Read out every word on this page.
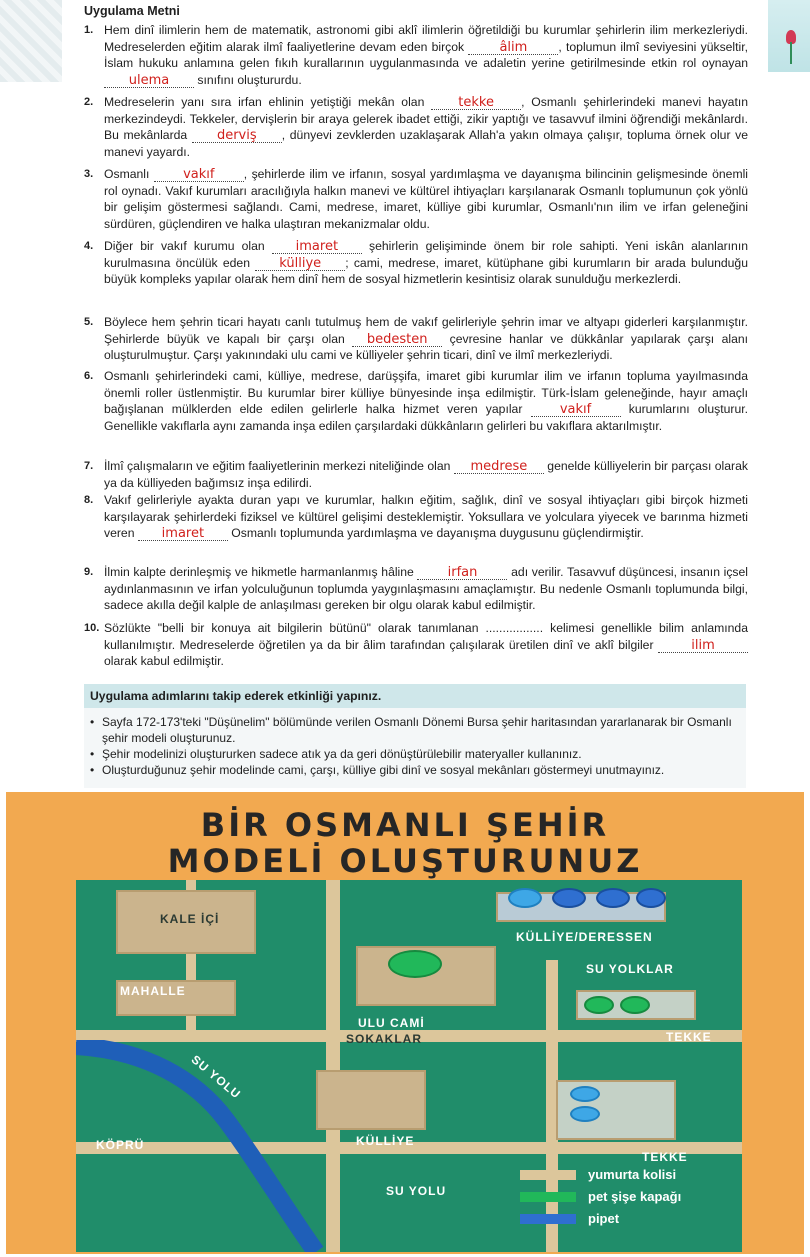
Uygulama Metni
1. Hem dinî ilimlerin hem de matematik, astronomi gibi aklî ilimlerin öğretildiği bu kurumlar şehirlerin ilim merkezleriydi. Medreselerden eğitim alarak ilmî faaliyetlerine devam eden birçok âlim	, toplumun ilmî seviyesini yükseltir, İslam hukuku anlamına gelen fıkıh kurallarının uygulanmasında ve adaletin yerine getirilmesinde etkin rol oynayan ulema sınıfını oluştururdu.
2. Medreselerin yanı sıra irfan ehlinin yetiştiği mekân olan tekke , Osmanlı şehirlerindeki manevi hayatın merkezindeydi. Tekkeler, dervişlerin bir araya gelerek ibadet ettiği, zikir yaptığı ve tasavvuf ilmini öğrendiği mekânlardı. Bu mekânlarda derviş , dünyevi zevklerden uzaklaşarak Allah'a yakın olmaya çalışır, topluma örnek olur ve manevi yayardı.
3. Osmanlı vakıf , şehirlerde ilim ve irfanın, sosyal yardımlaşma ve dayanışma bilincinin gelişmesinde önemli rol oynadı. Vakıf kurumları aracılığıyla halkın manevi ve kültürel ihtiyaçları karşılanarak Osmanlı toplumunun çok yönlü bir gelişim göstermesi sağlandı. Cami, medrese, imaret, külliye gibi kurumlar, Osmanlı'nın ilim ve irfan geleneğini sürdüren, güçlendiren ve halka ulaştıran mekanizmalar oldu.
4. Diğer bir vakıf kurumu olan imaret şehirlerin gelişiminde önem bir role sahipti. Yeni iskân alanlarının kurulmasına öncülük eden külliye ; cami, medrese, imaret, kütüphane gibi kurumların bir arada bulunduğu büyük kompleks yapılar olarak hem dinî hem de sosyal hizmetlerin kesintisiz olarak sunulduğu merkezlerdi.
5. Böylece hem şehrin ticari hayatı canlı tutulmuş hem de vakıf gelirleriyle şehrin imar ve altyapı giderleri karşılanmıştır. Şehirlerde büyük ve kapalı bir çarşı olan bedesten çevresine hanlar ve dükkânlar yapılarak çarşı alanı oluşturulmuştur. Çarşı yakınındaki ulu cami ve külliyeler şehrin ticari, dinî ve ilmî merkezleriydi.
6. Osmanlı şehirlerindeki cami, külliye, medrese, darüşşifa, imaret gibi kurumlar ilim ve irfanın topluma yayılmasında önemli roller üstlenmiştir. Bu kurumlar birer külliye bünyesinde inşa edilmiştir. Türk-İslam geleneğinde, hayır amaçlı bağışlanan mülklerden elde edilen gelirlerle halka hizmet veren yapılar vakıf kurumlarını oluşturur. Genellikle vakıflarla aynı zamanda inşa edilen çarşılardaki dükkânların gelirleri bu vakıflara aktarılmıştır.
7. İlmî çalışmaların ve eğitim faaliyetlerinin merkezi niteliğinde olan medrese genelde külliyelerin bir parçası olarak ya da külliyeden bağımsız inşa edilirdi.
8. Vakıf gelirleriyle ayakta duran yapı ve kurumlar, halkın eğitim, sağlık, dinî ve sosyal ihtiyaçları gibi birçok hizmeti karşılayarak şehirlerdeki fiziksel ve kültürel gelişimi desteklemiştir. Yoksullara ve yolculara yiyecek ve barınma hizmeti veren imaret Osmanlı toplumunda yardımlaşma ve dayanışma duygusunu güçlendirmiştir.
9. İlmin kalpte derinleşmiş ve hikmetle harmanlanmış hâline irfan adı verilir. Tasavvuf düşüncesi, insanın içsel aydınlanmasının ve irfan yolculuğunun toplumda yaygınlaşmasını amaçlamıştır. Bu nedenle Osmanlı toplumunda bilgi, sadece akılla değil kalple de anlaşılması gereken bir olgu olarak kabul edilmiştir.
10. Sözlükte "belli bir konuya ait bilgilerin bütünü" olarak tanımlanan ................. kelimesi genellikle bilim anlamında kullanılmıştır. Medreselerde öğretilen ya da bir âlim tarafından çalışılarak üretilen dinî ve aklî bilgiler	ilim olarak kabul edilmiştir.
Uygulama adımlarını takip ederek etkinliği yapınız.
• Sayfa 172-173'teki "Düşünelim" bölümünde verilen Osmanlı Dönemi Bursa şehir haritasından yararlanarak bir Osmanlı şehir modeli oluşturunuz.
• Şehir modelinizi oluştururken sadece atık ya da geri dönüştürülebilir materyaller kullanınız.
• Oluşturduğunuz şehir modelinde cami, çarşı, külliye gibi dinî ve sosyal mekânları göstermeyi unutmayınız.
BİR OSMANLI ŞEHİR
MODELİ OLUŞTURUNUZ
KALE İÇİ
KÜLLİYE/DERESSEN
SU YOLKLAR
MAHALLE
ULU CAMİ
TEKKE
SOKAKLAR
SU YOLU
KÜLLİYE
TEKKE
KÖPRÜ
SU YOLU
yumurta kolisi
pet şişe kapağı
pipet
